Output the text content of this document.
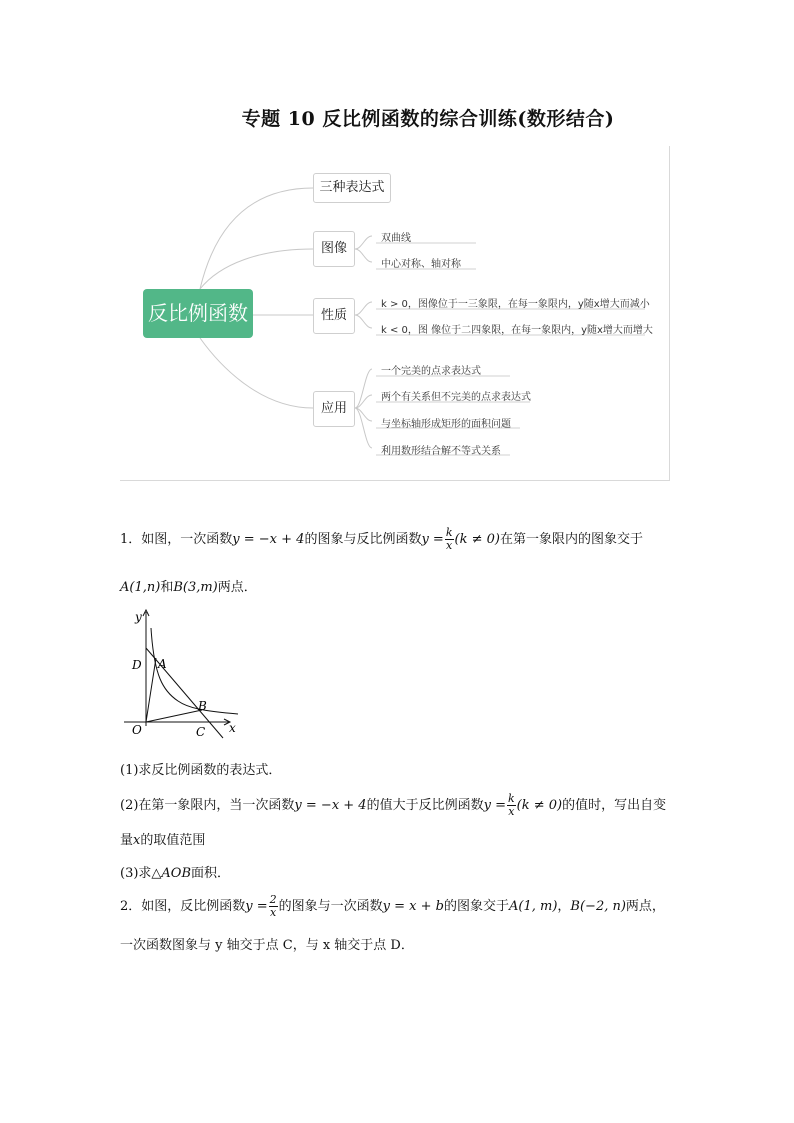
专题 10 反比例函数的综合训练(数形结合)
反比例函数
三种表达式
图像
性质
应用
双曲线
中心对称、轴对称
k > 0，图像位于一三象限，在每一象限内，y随x增大而减小
k < 0，图 像位于二四象限，在每一象限内，y随x增大而增大
一个完美的点求表达式
两个有关系但不完美的点求表达式
与坐标轴形成矩形的面积问题
利用数形结合解不等式关系
1．如图，一次函数y = −x + 4的图象与反比例函数$y = \frac{k}{x} (k \ne 0)$在第一象限内的图象交于
A(1,n)和B(3,m)两点．
y
x
O
A
B
C
D
(1)求反比例函数的表达式．
(2)在第一象限内，当一次函数y = −x + 4的值大于反比例函数$y = \frac{k}{x} (k \ne 0)$的值时，写出自变
量x的取值范围
(3)求△AOB面积．
2．如图，反比例函数$y = \frac{2}{x}$ 的图象与一次函数y = x + b的图象交于A(1, m)，B(−2, n)两点，
一次函数图象与 y 轴交于点 C，与 x 轴交于点 D．
